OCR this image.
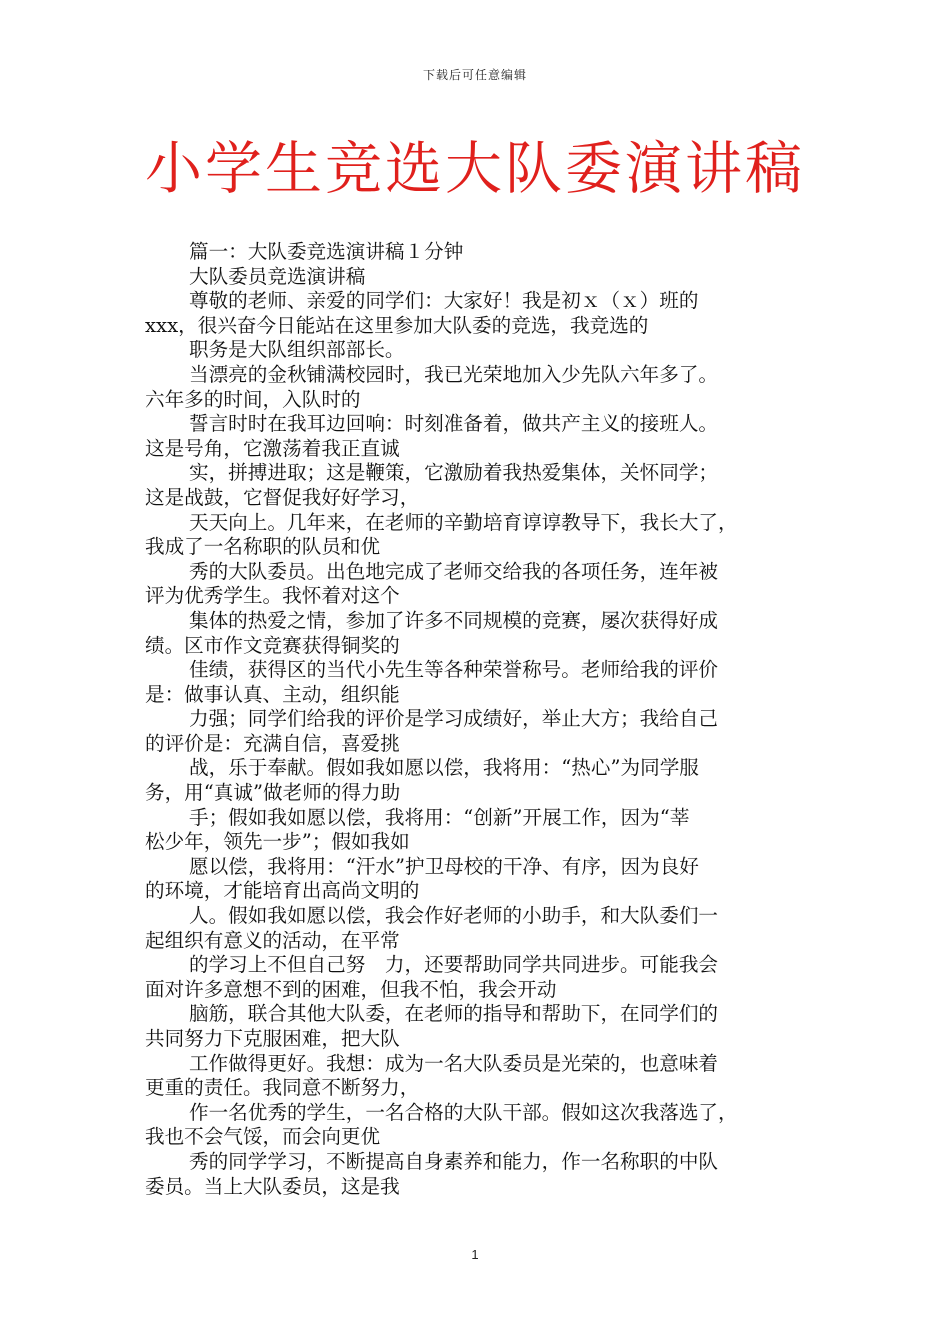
下载后可任意编辑
小学生竞选大队委演讲稿

篇一：大队委竞选演讲稿１分钟

大队委员竞选演讲稿

尊敬的老师、亲爱的同学们：大家好！我是初ｘ（ｘ）班的

xxx，很兴奋今日能站在这里参加大队委的竞选，我竞选的

职务是大队组织部部长。

当漂亮的金秋铺满校园时，我已光荣地加入少先队六年多了。

六年多的时间，入队时的

誓言时时在我耳边回响：时刻准备着，做共产主义的接班人。

这是号角，它激荡着我正直诚

实，拼搏进取；这是鞭策，它激励着我热爱集体，关怀同学；

这是战鼓，它督促我好好学习，

天天向上。几年来，在老师的辛勤培育谆谆教导下，我长大了，

我成了一名称职的队员和优

秀的大队委员。出色地完成了老师交给我的各项任务，连年被

评为优秀学生。我怀着对这个

集体的热爱之情，参加了许多不同规模的竞赛，屡次获得好成

绩。区市作文竞赛获得铜奖的

佳绩，获得区的当代小先生等各种荣誉称号。老师给我的评价

是：做事认真、主动，组织能

力强；同学们给我的评价是学习成绩好，举止大方；我给自己

的评价是：充满自信，喜爱挑

战，乐于奉献。假如我如愿以偿，我将用：“热心”为同学服

务，用“真诚”做老师的得力助

手；假如我如愿以偿，我将用：“创新”开展工作，因为“莘

松少年，领先一步”；假如我如

愿以偿，我将用：“汗水”护卫母校的干净、有序，因为良好

的环境，才能培育出高尚文明的

人。假如我如愿以偿，我会作好老师的小助手，和大队委们一

起组织有意义的活动，在平常

的学习上不但自己努　力，还要帮助同学共同进步。可能我会

面对许多意想不到的困难，但我不怕，我会开动

脑筋，联合其他大队委，在老师的指导和帮助下，在同学们的

共同努力下克服困难，把大队

工作做得更好。我想：成为一名大队委员是光荣的，也意味着

更重的责任。我同意不断努力，

作一名优秀的学生，一名合格的大队干部。假如这次我落选了，

我也不会气馁，而会向更优

秀的同学学习，不断提高自身素养和能力，作一名称职的中队

委员。当上大队委员，这是我

1
